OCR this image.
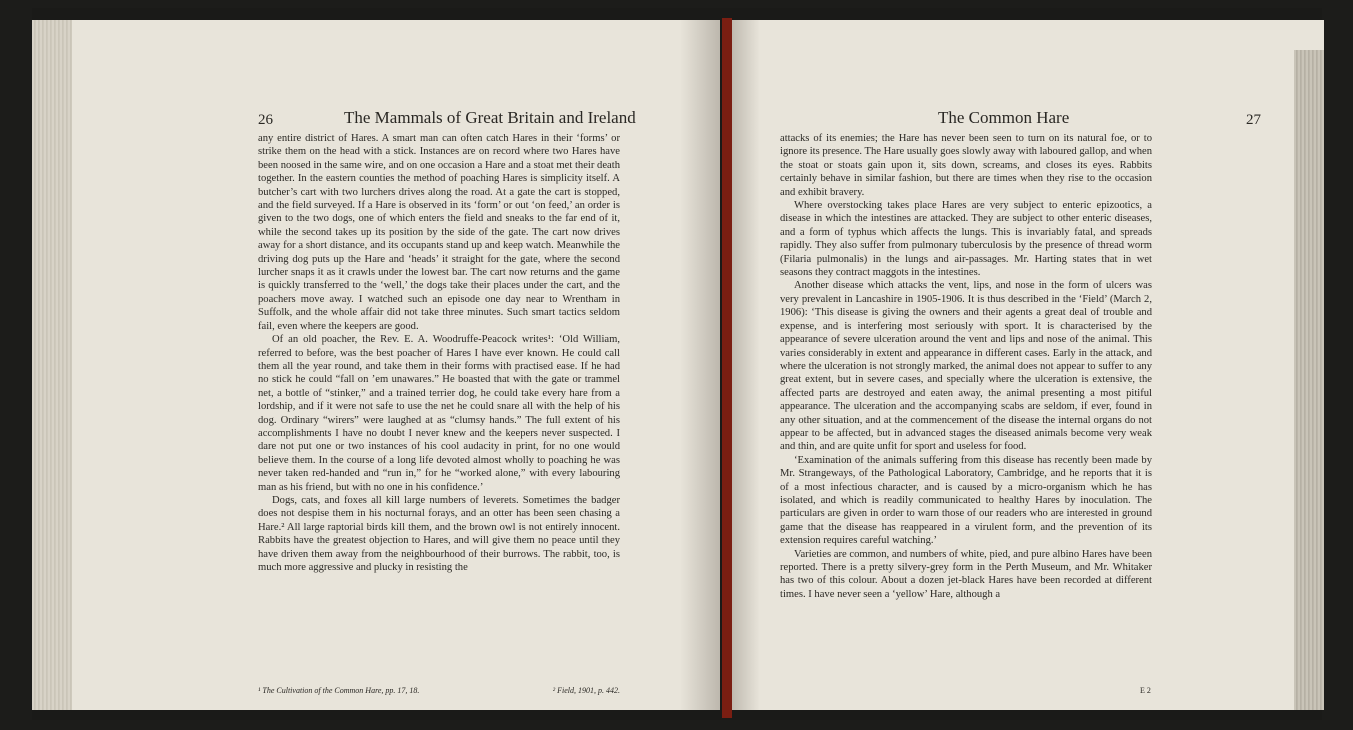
26	The Mammals of Great Britain and Ireland

any entire district of Hares. A smart man can often catch Hares in their ‘forms’ or strike them on the head with a stick. Instances are on record where two Hares have been noosed in the same wire, and on one occasion a Hare and a stoat met their death together. In the eastern counties the method of poaching Hares is simplicity itself. A butcher’s cart with two lurchers drives along the road. At a gate the cart is stopped, and the field surveyed. If a Hare is observed in its ‘form’ or out ‘on feed,’ an order is given to the two dogs, one of which enters the field and sneaks to the far end of it, while the second takes up its position by the side of the gate. The cart now drives away for a short distance, and its occupants stand up and keep watch. Meanwhile the driving dog puts up the Hare and ‘heads’ it straight for the gate, where the second lurcher snaps it as it crawls under the lowest bar. The cart now returns and the game is quickly transferred to the ‘well,’ the dogs take their places under the cart, and the poachers move away. I watched such an episode one day near to Wrentham in Suffolk, and the whole affair did not take three minutes. Such smart tactics seldom fail, even where the keepers are good.

Of an old poacher, the Rev. E. A. Woodruffe-Peacock writes¹: ‘Old William, referred to before, was the best poacher of Hares I have ever known. He could call them all the year round, and take them in their forms with practised ease. If he had no stick he could “fall on ’em unawares.” He boasted that with the gate or trammel net, a bottle of “stinker,” and a trained terrier dog, he could take every hare from a lordship, and if it were not safe to use the net he could snare all with the help of his dog. Ordinary “wirers” were laughed at as “clumsy hands.” The full extent of his accomplishments I have no doubt I never knew and the keepers never suspected. I dare not put one or two instances of his cool audacity in print, for no one would believe them. In the course of a long life devoted almost wholly to poaching he was never taken red-handed and “run in,” for he “worked alone,” with every labouring man as his friend, but with no one in his confidence.’

Dogs, cats, and foxes all kill large numbers of leverets. Sometimes the badger does not despise them in his nocturnal forays, and an otter has been seen chasing a Hare.² All large raptorial birds kill them, and the brown owl is not entirely innocent. Rabbits have the greatest objection to Hares, and will give them no peace until they have driven them away from the neighbourhood of their burrows. The rabbit, too, is much more aggressive and plucky in resisting the

¹ The Cultivation of the Common Hare, pp. 17, 18.	² Field, 1901, p. 442.
The Common Hare	27

attacks of its enemies; the Hare has never been seen to turn on its natural foe, or to ignore its presence. The Hare usually goes slowly away with laboured gallop, and when the stoat or stoats gain upon it, sits down, screams, and closes its eyes. Rabbits certainly behave in similar fashion, but there are times when they rise to the occasion and exhibit bravery.

Where overstocking takes place Hares are very subject to enteric epizootics, a disease in which the intestines are attacked. They are subject to other enteric diseases, and a form of typhus which affects the lungs. This is invariably fatal, and spreads rapidly. They also suffer from pulmonary tuberculosis by the presence of thread worm (Filaria pulmonalis) in the lungs and air-passages. Mr. Harting states that in wet seasons they contract maggots in the intestines.

Another disease which attacks the vent, lips, and nose in the form of ulcers was very prevalent in Lancashire in 1905-1906. It is thus described in the ‘Field’ (March 2, 1906): ‘This disease is giving the owners and their agents a great deal of trouble and expense, and is interfering most seriously with sport. It is characterised by the appearance of severe ulceration around the vent and lips and nose of the animal. This varies considerably in extent and appearance in different cases. Early in the attack, and where the ulceration is not strongly marked, the animal does not appear to suffer to any great extent, but in severe cases, and specially where the ulceration is extensive, the affected parts are destroyed and eaten away, the animal presenting a most pitiful appearance. The ulceration and the accompanying scabs are seldom, if ever, found in any other situation, and at the commencement of the disease the internal organs do not appear to be affected, but in advanced stages the diseased animals become very weak and thin, and are quite unfit for sport and useless for food.

‘Examination of the animals suffering from this disease has recently been made by Mr. Strangeways, of the Pathological Laboratory, Cambridge, and he reports that it is of a most infectious character, and is caused by a micro-organism which he has isolated, and which is readily communicated to healthy Hares by inoculation. The particulars are given in order to warn those of our readers who are interested in ground game that the disease has reappeared in a virulent form, and the prevention of its extension requires careful watching.’

Varieties are common, and numbers of white, pied, and pure albino Hares have been reported. There is a pretty silvery-grey form in the Perth Museum, and Mr. Whitaker has two of this colour. About a dozen jet-black Hares have been recorded at different times. I have never seen a ‘yellow’ Hare, although a

E 2
